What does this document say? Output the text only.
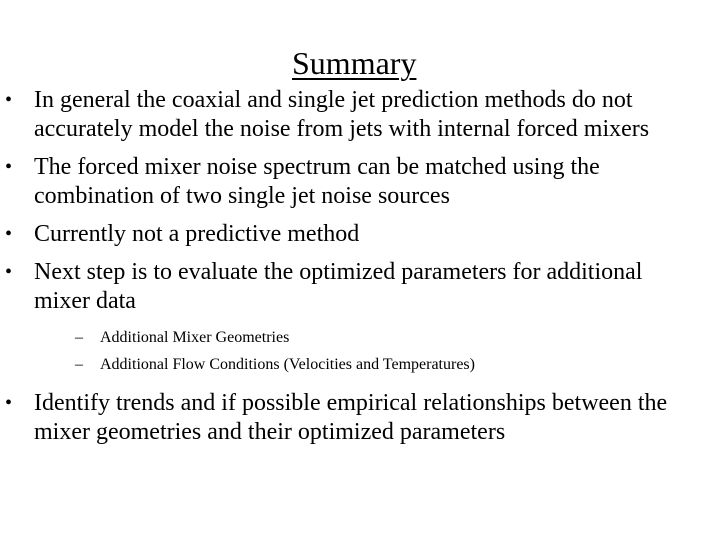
Summary
• In general the coaxial and single jet prediction methods do not accurately model the noise from jets with internal forced mixers
• The forced mixer noise spectrum can be matched using the combination of two single jet noise sources
• Currently not a predictive method
• Next step is to evaluate the optimized parameters for additional mixer data
– Additional Mixer Geometries
– Additional Flow Conditions (Velocities and Temperatures)
• Identify trends and if possible empirical relationships between the mixer geometries and their optimized parameters
